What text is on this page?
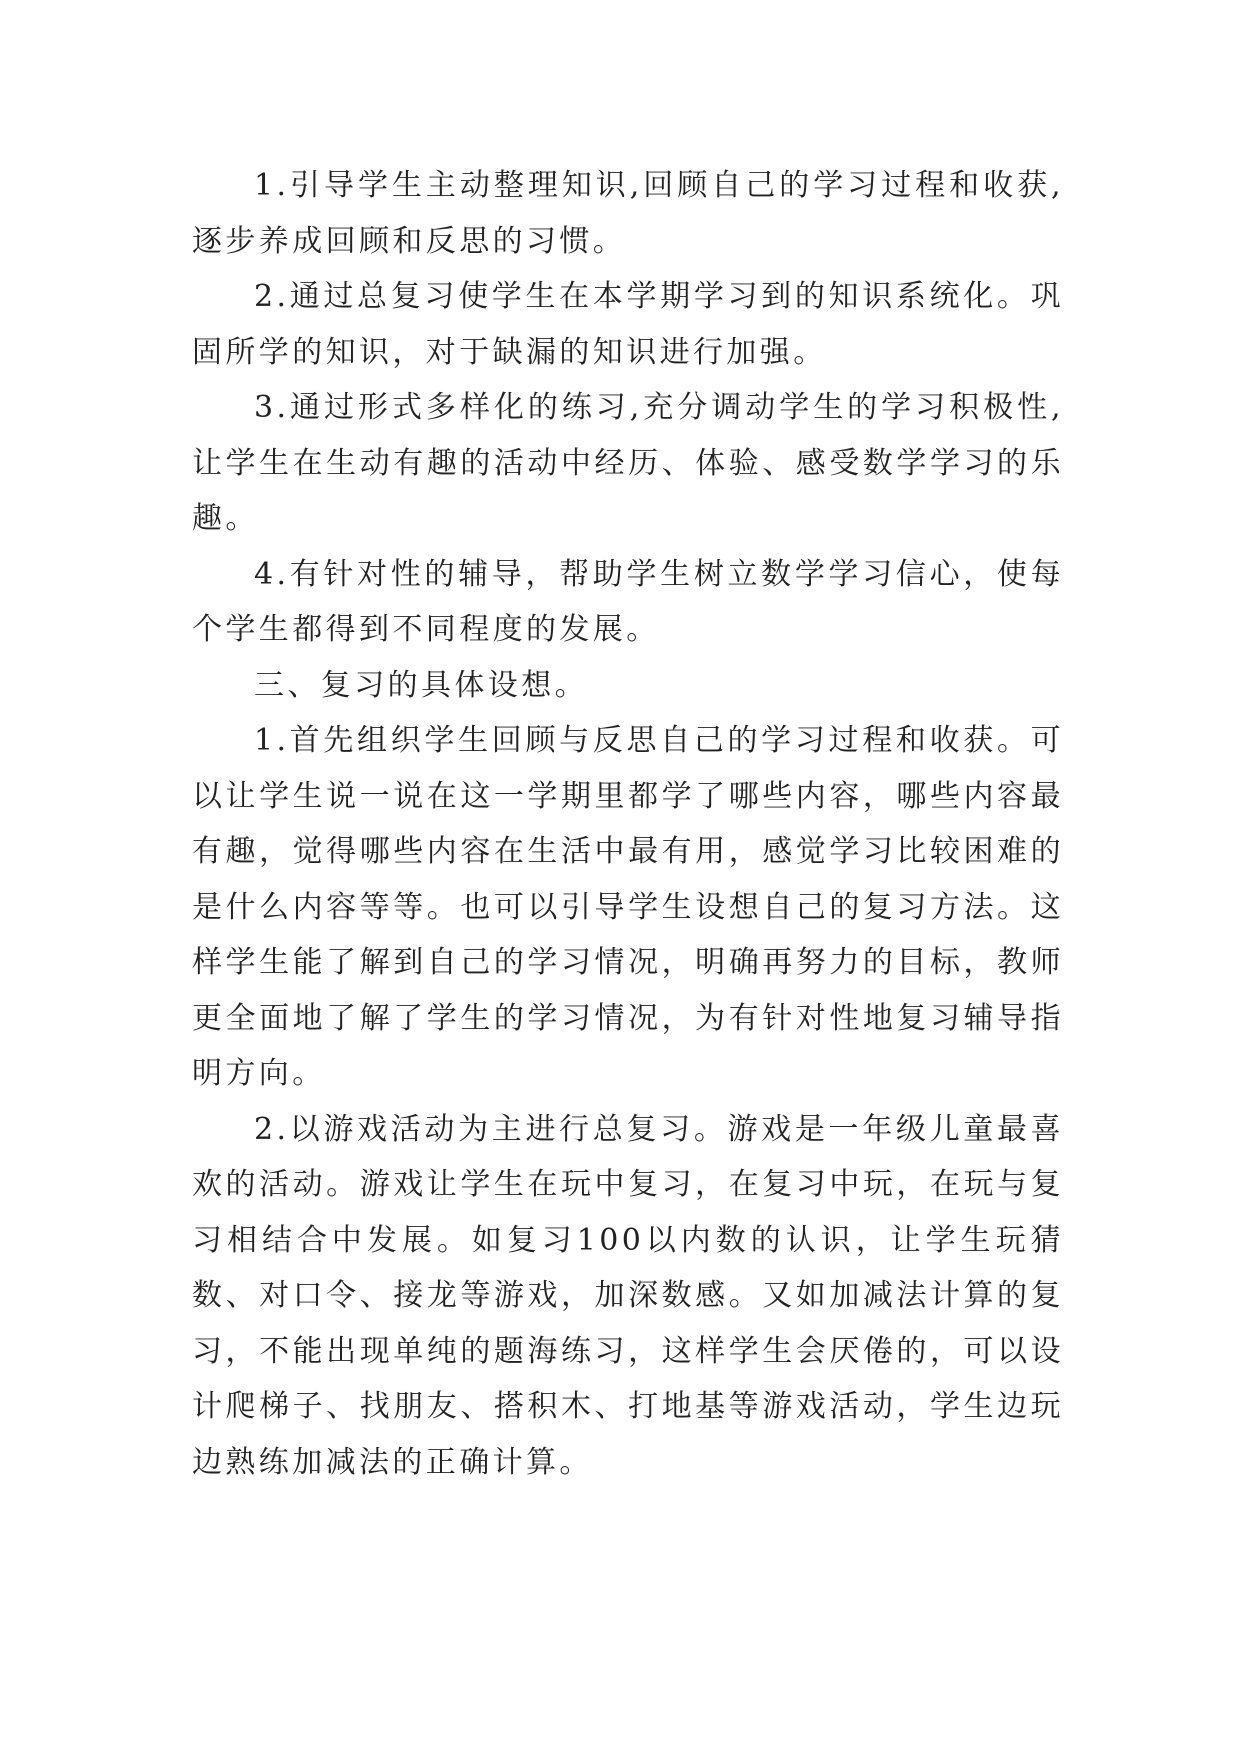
1.引导学生主动整理知识,回顾自己的学习过程和收获,逐步养成回顾和反思的习惯。

2.通过总复习使学生在本学期学习到的知识系统化。巩固所学的知识，对于缺漏的知识进行加强。

3.通过形式多样化的练习,充分调动学生的学习积极性,让学生在生动有趣的活动中经历、体验、感受数学学习的乐趣。

4.有针对性的辅导，帮助学生树立数学学习信心，使每个学生都得到不同程度的发展。

三、复习的具体设想。

1.首先组织学生回顾与反思自己的学习过程和收获。可以让学生说一说在这一学期里都学了哪些内容，哪些内容最有趣，觉得哪些内容在生活中最有用，感觉学习比较困难的是什么内容等等。也可以引导学生设想自己的复习方法。这样学生能了解到自己的学习情况，明确再努力的目标，教师更全面地了解了学生的学习情况，为有针对性地复习辅导指明方向。

2.以游戏活动为主进行总复习。游戏是一年级儿童最喜欢的活动。游戏让学生在玩中复习，在复习中玩，在玩与复习相结合中发展。如复习100以内数的认识，让学生玩猜数、对口令、接龙等游戏，加深数感。又如加减法计算的复习，不能出现单纯的题海练习，这样学生会厌倦的，可以设计爬梯子、找朋友、搭积木、打地基等游戏活动，学生边玩边熟练加减法的正确计算。
